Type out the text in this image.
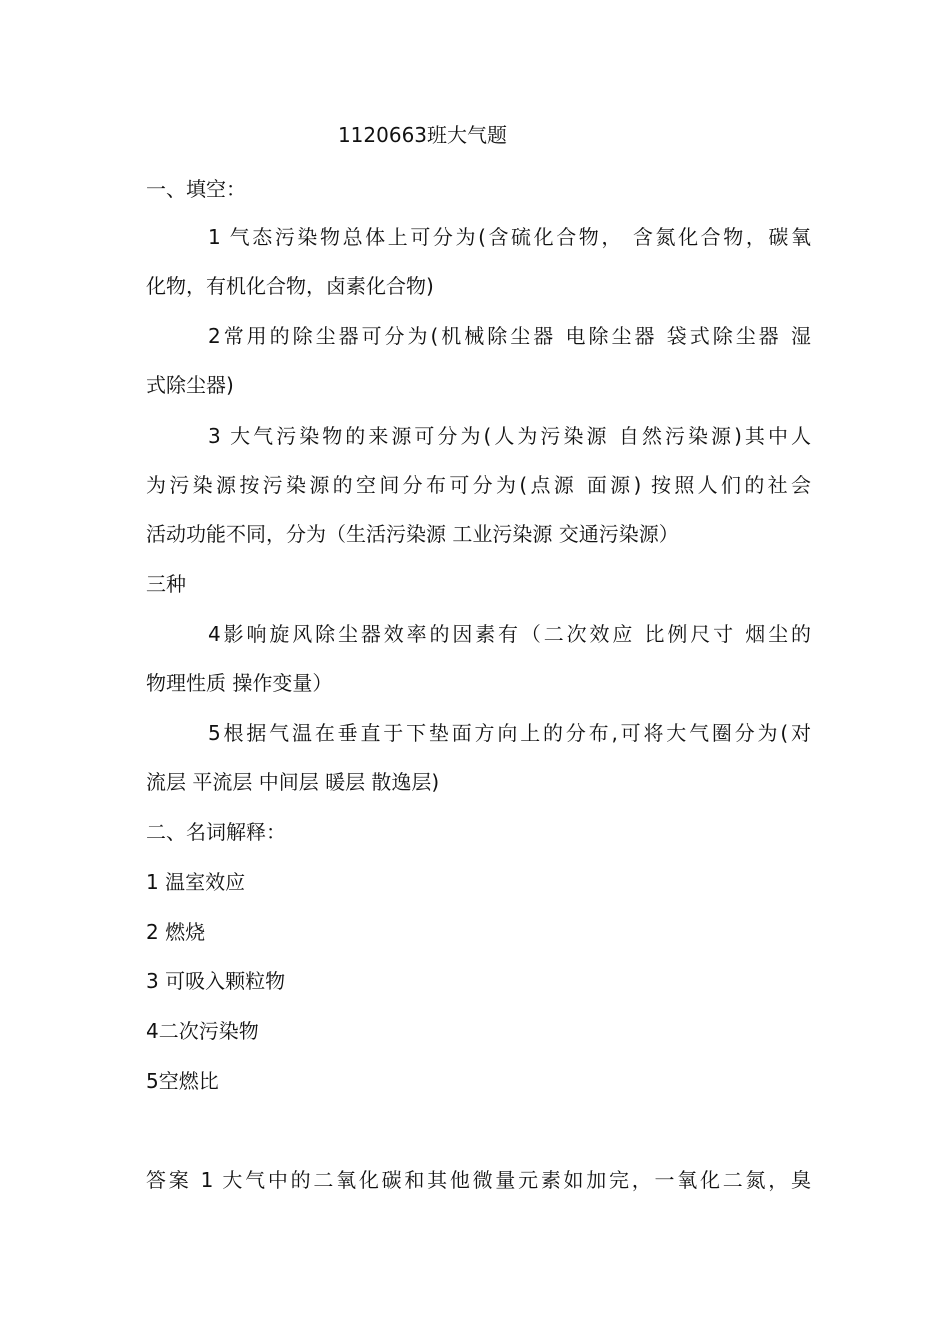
1120663班大气题

一、填空：

1 气态污染物总体上可分为(含硫化合物， 含氮化合物，碳氧

化物，有机化合物，卤素化合物)

2常用的除尘器可分为(机械除尘器 电除尘器 袋式除尘器 湿

式除尘器)

3 大气污染物的来源可分为(人为污染源 自然污染源)其中人

为污染源按污染源的空间分布可分为(点源 面源) 按照人们的社会

活动功能不同，分为（生活污染源 工业污染源 交通污染源）

三种

4影响旋风除尘器效率的因素有（二次效应 比例尺寸 烟尘的

物理性质 操作变量）

5根据气温在垂直于下垫面方向上的分布,可将大气圈分为(对

流层 平流层 中间层 暖层 散逸层)

二、名词解释：

1 温室效应

2 燃烧

3 可吸入颗粒物

4二次污染物

5空燃比

答案 1 大气中的二氧化碳和其他微量元素如加完，一氧化二氮，臭
